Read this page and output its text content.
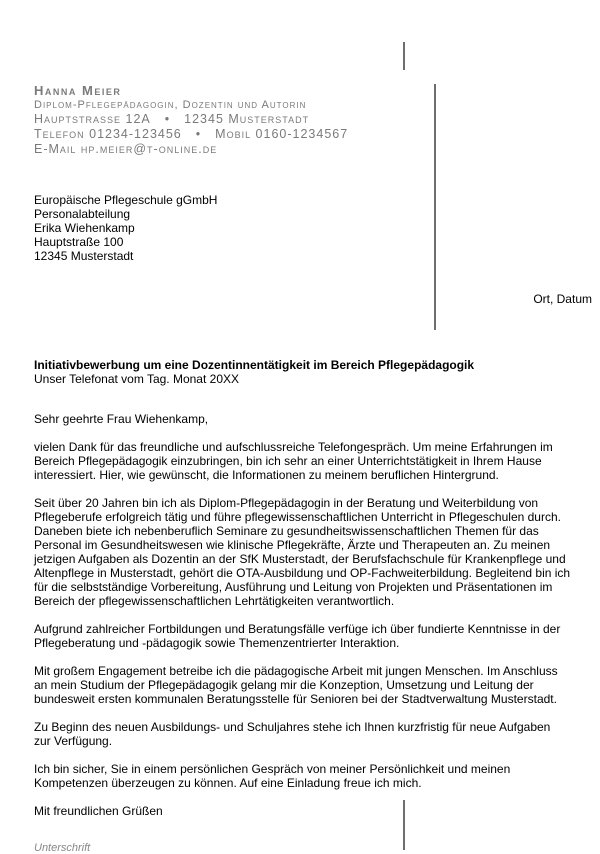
Hanna Meier
Diplom-Pflegepädagogin, Dozentin und Autorin
Hauptstrasse 12A • 12345 Musterstadt
Telefon 01234-123456 • Mobil 0160-1234567
E-Mail hp.meier@t-online.de
Europäische Pflegeschule gGmbH
Personalabteilung
Erika Wiehenkamp
Hauptstraße 100
12345 Musterstadt
Ort, Datum
Initiativbewerbung um eine Dozentinnentätigkeit im Bereich Pflegepädagogik
Unser Telefonat vom Tag. Monat 20XX
Sehr geehrte Frau Wiehenkamp,
vielen Dank für das freundliche und aufschlussreiche Telefongespräch. Um meine Erfahrungen im
Bereich Pflegepädagogik einzubringen, bin ich sehr an einer Unterrichtstätigkeit in Ihrem Hause
interessiert. Hier, wie gewünscht, die Informationen zu meinem beruflichen Hintergrund.
Seit über 20 Jahren bin ich als Diplom-Pflegepädagogin in der Beratung und Weiterbildung von
Pflegeberufe erfolgreich tätig und führe pflegewissenschaftlichen Unterricht in Pflegeschulen durch.
Daneben biete ich nebenberuflich Seminare zu gesundheitswissenschaftlichen Themen für das
Personal im Gesundheitswesen wie klinische Pflegekräfte, Ärzte und Therapeuten an. Zu meinen
jetzigen Aufgaben als Dozentin an der SfK Musterstadt, der Berufsfachschule für Krankenpflege und
Altenpflege in Musterstadt, gehört die OTA-Ausbildung und OP-Fachweiterbildung. Begleitend bin ich
für die selbstständige Vorbereitung, Ausführung und Leitung von Projekten und Präsentationen im
Bereich der pflegewissenschaftlichen Lehrtätigkeiten verantwortlich.
Aufgrund zahlreicher Fortbildungen und Beratungsfälle verfüge ich über fundierte Kenntnisse in der
Pflegeberatung und -pädagogik sowie Themenzentrierter Interaktion.
Mit großem Engagement betreibe ich die pädagogische Arbeit mit jungen Menschen. Im Anschluss
an mein Studium der Pflegepädagogik gelang mir die Konzeption, Umsetzung und Leitung der
bundesweit ersten kommunalen Beratungsstelle für Senioren bei der Stadtverwaltung Musterstadt.
Zu Beginn des neuen Ausbildungs- und Schuljahres stehe ich Ihnen kurzfristig für neue Aufgaben
zur Verfügung.
Ich bin sicher, Sie in einem persönlichen Gespräch von meiner Persönlichkeit und meinen
Kompetenzen überzeugen zu können. Auf eine Einladung freue ich mich.
Mit freundlichen Grüßen
Unterschrift
